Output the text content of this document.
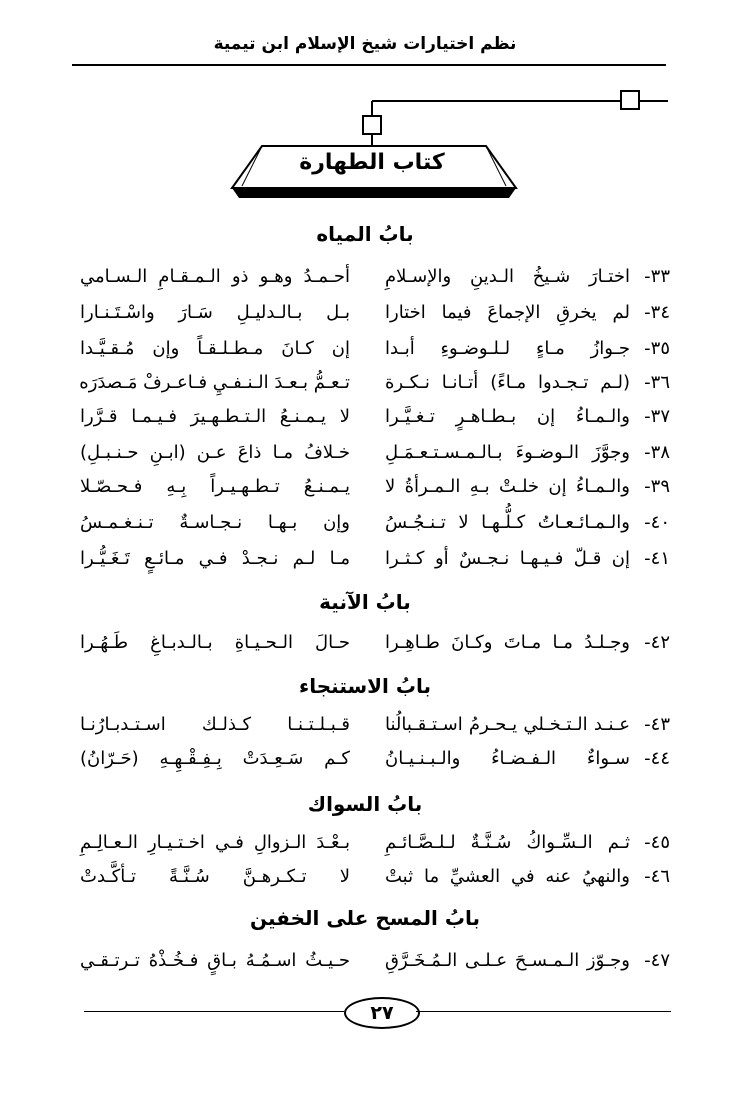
نظم اختيارات شيخ الإسلام ابن تيمية
كتاب الطهارة
بابُ المياه
٣٣-
اختـارَ شـيخُ الـدينِ والإسـلامِ
أحـمـدُ وهـو ذو الـمـقـامِ الـسـامي
٣٤-
لم يخرقِ الإجماعَ فيما اختارا
بـل بـالـدليـلِ سَـارَ واسْـتَـنـارا
٣٥-
جـوازُ مـاءٍ لـلـوضـوءِ أبـدا
إن كـانَ مـطـلـقـاً وإن مُـقـيَّـدا
٣٦-
(لـم تـجـدوا مـاءً) أتـانـا نـكـرة
تـعـمُّ بـعـدَ الـنـفـيِ فـاعـرفْ مَـصدَرَه
٣٧-
والـمـاءُ إن بـطـاهـرٍ تـغـيَّـرا
لا يـمـنـعُ الـتـطـهـيرَ فـيـمـا قـرَّرا
٣٨-
وجوَّزَ الـوضـوءَ بـالـمـسـتـعـمَـلِ
خـلافُ مـا ذاعَ عـن (ابـنِ حـنـبـلِ)
٣٩-
والـمـاءُ إن خلـتْ بـهِ الـمـرأةُ لا
يـمـنـعُ تـطـهـيـراً بِـهِ فـحـصّـلا
٤٠-
والـمـائـعـاتُ كـلُّـهـا لا تـنـجُـسُ
وإن بـهـا نـجـاسـةٌ تـنـغـمـسُ
٤١-
إن قـلّ فـيـهـا نـجـسٌ أو كـثـرا
مـا لـم نـجـدْ فـي مـائـعٍ تَـغَـيُّـرا
بابُ الآنية
٤٢-
وجـلـدُ مـا مـاتَ وكـانَ طـاهِـرا
حـالَ الـحـيـاةِ بـالـدبـاغِ طَـهُـرا
بابُ الاستنجاء
٤٣-
عـنـد الـتـخـلي يـحـرمُ اسـتـقـبالُنا
قـبـلـتـنـا كـذلـك اسـتـدبـارُنـا
٤٤-
سـواءٌ الـفـضـاءُ والـبـنـيـانُ
كـم سَـعِـدَتْ بِـفِـقْـهِـهِ (حَـرّانُ)
بابُ السواك
٤٥-
ثـم الـسِّـواكُ سُـنَّـةٌ لـلـصَّـائـمِ
بـعْـدَ الـزوالِ فـي اخـتـيـارِ الـعـالِـمِ
٤٦-
والنهيُ عنه في العشيِّ ما ثبتْ
لا تـكـرهـنَّ سُـنَّـةً تـأكَّـدتْ
بابُ المسح على الخفين
٤٧-
وجـوّز الـمـسـحَ عـلـى الـمُـخَـرَّقِ
حـيـثُ اسـمُـهُ بـاقٍ فـخُـذْهُ تـرتـقـي
٢٧
